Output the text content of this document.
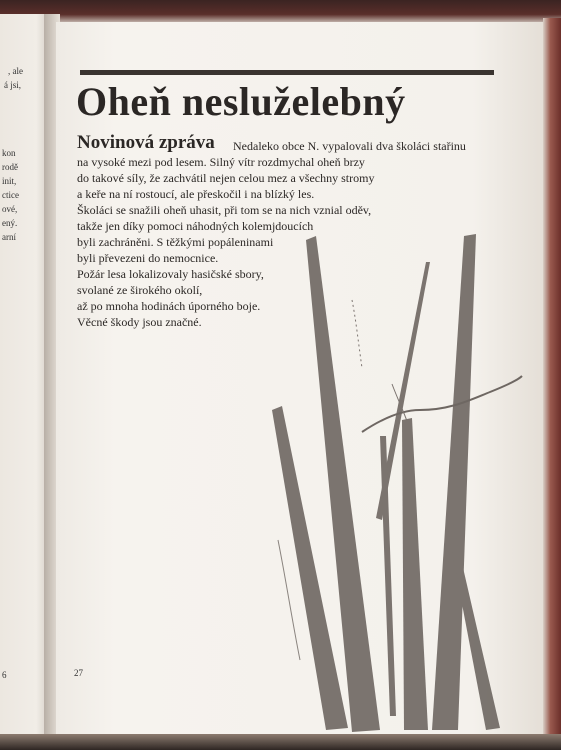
, ale
á jsi,
kon
rodě
init,
ctice
ové,
ený.
arní
6
Oheň nesluželebný
Novinová zpráva	Nedaleko obce N. vypalovali dva školáci stařinu
na vysoké mezi pod lesem. Silný vítr rozdmychal oheň brzy
do takové síly, že zachvátil nejen celou mez a všechny stromy
a keře na ní rostoucí, ale přeskočil i na blízký les.
Školáci se snažili oheň uhasit, při tom se na nich vznial oděv,
takže jen díky pomoci náhodných kolemjdoucích
byli zachráněni. S těžkými popáleninami
byli převezeni do nemocnice.
Požár lesa lokalizovaly hasičské sbory,
svolané ze širokého okolí,
až po mnoha hodinách úporného boje.
Věcné škody jsou značné.
27
